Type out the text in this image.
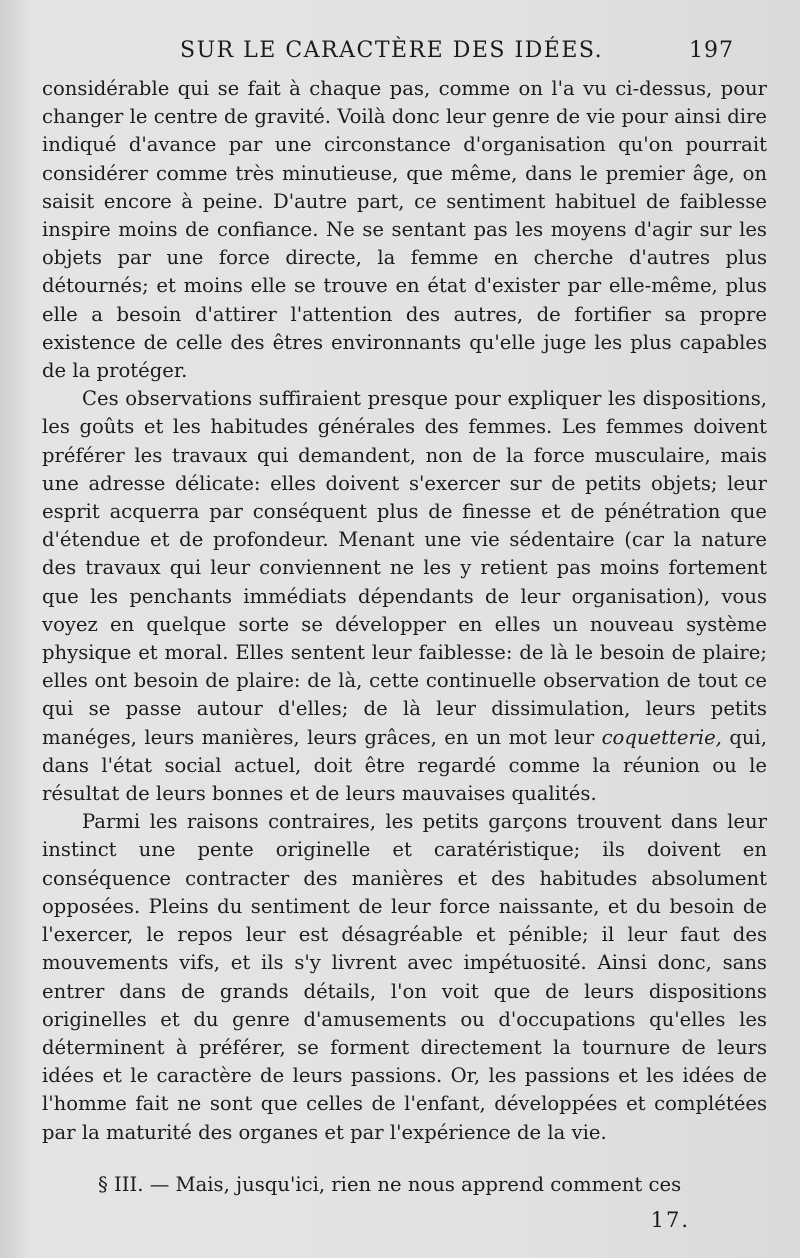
SUR LE CARACTÈRE DES IDÉES.	197

considérable qui se fait à chaque pas, comme on l'a vu ci-dessus, pour changer le centre de gravité. Voilà donc leur genre de vie pour ainsi dire indiqué d'avance par une circonstance d'organisation qu'on pourrait considérer comme très minutieuse, que même, dans le premier âge, on saisit encore à peine. D'autre part, ce sentiment habituel de faiblesse inspire moins de confiance. Ne se sentant pas les moyens d'agir sur les objets par une force directe, la femme en cherche d'autres plus détournés; et moins elle se trouve en état d'exister par elle-même, plus elle a besoin d'attirer l'attention des autres, de fortifier sa propre existence de celle des êtres environnants qu'elle juge les plus capables de la protéger.

Ces observations suffiraient presque pour expliquer les dispositions, les goûts et les habitudes générales des femmes. Les femmes doivent préférer les travaux qui demandent, non de la force musculaire, mais une adresse délicate: elles doivent s'exercer sur de petits objets; leur esprit acquerra par conséquent plus de finesse et de pénétration que d'étendue et de profondeur. Menant une vie sédentaire (car la nature des travaux qui leur conviennent ne les y retient pas moins fortement que les penchants immédiats dépendants de leur organisation), vous voyez en quelque sorte se développer en elles un nouveau système physique et moral. Elles sentent leur faiblesse: de là le besoin de plaire; elles ont besoin de plaire: de là, cette continuelle observation de tout ce qui se passe autour d'elles; de là leur dissimulation, leurs petits manéges, leurs manières, leurs grâces, en un mot leur coquetterie, qui, dans l'état social actuel, doit être regardé comme la réunion ou le résultat de leurs bonnes et de leurs mauvaises qualités.

Parmi les raisons contraires, les petits garçons trouvent dans leur instinct une pente originelle et caratéristique; ils doivent en conséquence contracter des manières et des habitudes absolument opposées. Pleins du sentiment de leur force naissante, et du besoin de l'exercer, le repos leur est désagréable et pénible; il leur faut des mouvements vifs, et ils s'y livrent avec impétuosité. Ainsi donc, sans entrer dans de grands détails, l'on voit que de leurs dispositions originelles et du genre d'amusements ou d'occupations qu'elles les déterminent à préférer, se forment directement la tournure de leurs idées et le caractère de leurs passions. Or, les passions et les idées de l'homme fait ne sont que celles de l'enfant, développées et complétées par la maturité des organes et par l'expérience de la vie.

§ III. — Mais, jusqu'ici, rien ne nous apprend comment ces

17.
